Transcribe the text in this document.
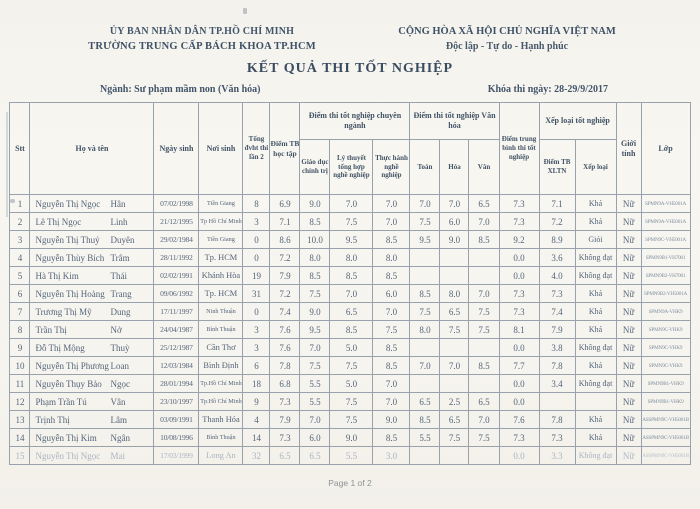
ỦY BAN NHÂN DÂN TP.HỒ CHÍ MINH
TRƯỜNG TRUNG CẤP BÁCH KHOA TP.HCM
CỘNG HÒA XÃ HỘI CHỦ NGHĨA VIỆT NAM
Độc lập - Tự do - Hạnh phúc
KẾT QUẢ THI TỐT NGHIỆP
Ngành: Sư phạm mầm non (Văn hóa)	Khóa thi ngày: 28-29/9/2017
Stt	Họ và tên	Ngày sinh	Nơi sinh	Tổng đvht thi lần 2	Điểm TB học tập	Điểm thi tốt nghiệp chuyên ngành			Điểm thi tốt nghiệp Văn hóa			Điểm trung bình thi tốt nghiệp	Xếp loại tốt nghiệp		Giới tính	Lớp
						Giáo dục chính trị	Lý thuyết tổng hợp nghề nghiệp	Thực hành nghề nghiệp	Toán	Hóa	Văn		Điểm TB XLTN	Xếp loại		
1	Nguyễn Thị Ngọc Hân	07/02/1998	Tiền Giang	8	6.9	9.0	7.0	7.0	7.0	7.0	6.5	7.3	7.1	Khá	Nữ	SPMN9A-VH5001A
2	Lê Thị Ngọc Linh	21/12/1995	Tp Hồ Chí Minh	3	7.1	8.5	7.5	7.0	7.5	6.0	7.0	7.3	7.2	Khá	Nữ	SPMN9A-VH5001A
3	Nguyễn Thị Thuỷ Duyên	29/02/1984	Tiền Giang	0	8.6	10.0	9.5	8.5	9.5	9.0	8.5	9.2	8.9	Giỏi	Nữ	SPMN9C-VH5001A
4	Nguyễn Thùy Bích Trâm	28/11/1992	Tp. HCM	0	7.2	8.0	8.0	8.0				0.0	3.6	Không đạt	Nữ	SPMN9B1-VH7001
5	Hà Thị Kim Thái	02/02/1991	Khánh Hòa	19	7.9	8.5	8.5	8.5				0.0	4.0	Không đạt	Nữ	SPMN9B2-VH7001
6	Nguyễn Thị Hoàng Trang	09/06/1992	Tp. HCM	31	7.2	7.5	7.0	6.0	8.5	8.0	7.0	7.3	7.3	Khá	Nữ	SPMN9B2-VH5001A
7	Trương Thị Mỹ Dung	17/11/1997	Ninh Thuận	0	7.4	9.0	6.5	7.0	7.5	6.5	7.5	7.3	7.4	Khá	Nữ	SPMN9A-VHK9
8	Trần Thị Nở	24/04/1987	Bình Thuận	3	7.6	9.5	8.5	7.5	8.0	7.5	7.5	8.1	7.9	Khá	Nữ	SPMN9C-VHK9
9	Đỗ Thị Mộng Thuỳ	25/12/1987	Cần Thơ	3	7.6	7.0	5.0	8.5				0.0	3.8	Không đạt	Nữ	SPMN9C-VHK9
10	Nguyễn Thị Phương Loan	12/03/1984	Bình Định	6	7.8	7.5	7.5	8.5	7.0	7.0	8.5	7.7	7.8	Khá	Nữ	SPMN9C-VHK9
11	Nguyễn Thụy Bảo Ngọc	28/01/1994	Tp.Hồ Chí Minh	18	6.8	5.5	5.0	7.0				0.0	3.4	Không đạt	Nữ	SPMN9B1-VHK9
12	Phạm Trần Tú Vân	23/10/1997	Tp.Hồ Chí Minh	9	7.3	5.5	7.5	7.0	6.5	2.5	6.5	0.0			Nữ	SPMN9B1-VHK9
13	Trịnh Thị Lâm	03/09/1991	Thanh Hóa	4	7.9	7.0	7.5	9.0	8.5	6.5	7.0	7.6	7.8	Khá	Nữ	ASSPMN9C-VH5001B
14	Nguyễn Thị Kim Ngân	10/08/1996	Bình Thuận	14	7.3	6.0	9.0	8.5	5.5	7.5	7.5	7.3	7.3	Khá	Nữ	ASSPMN9C-VH5001B
15	Nguyễn Thị Ngọc Mai	17/03/1999	Long An	32	6.5	6.5	5.5	3.0				0.0	3.3	Không đạt	Nữ	ASSPMN9C-VH5001B
Page 1 of 2
